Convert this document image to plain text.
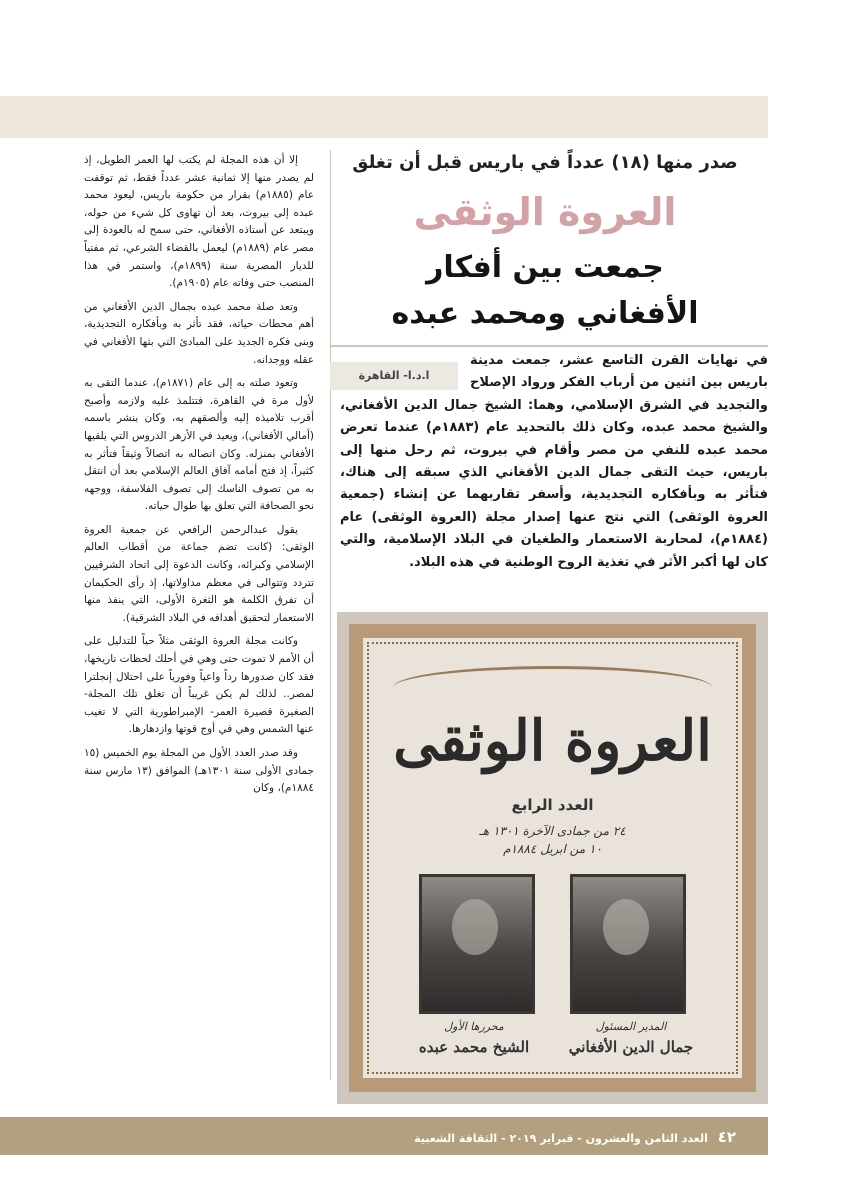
صدر منها (١٨) عدداً في باريس قبل أن تغلق
العروة الوثقى
جمعت بين أفكار
الأفغاني ومحمد عبده
ا.د.ا- القاهرة

في نهايات القرن التاسع عشر، جمعت مدينة باريس بين اثنين من أرباب الفكر ورواد الإصلاح والتجديد في الشرق الإسلامي، وهما: الشيخ جمال الدين الأفغاني، والشيخ محمد عبده، وكان ذلك بالتحديد عام (١٨٨٣م) عندما تعرض محمد عبده للنفي من مصر وأقام في بيروت، ثم رحل منها إلى باريس، حيث التقى جمال الدين الأفغاني الذي سبقه إلى هناك، فتأثر به وبأفكاره التجديدية، وأسفر تقاربهما عن إنشاء (جمعية العروة الوثقى) التي نتج عنها إصدار مجلة (العروة الوثقى) عام (١٨٨٤م)، لمحاربة الاستعمار والطغيان في البلاد الإسلامية، والتي كان لها أكبر الأثر في تغذية الروح الوطنية في هذه البلاد.

العروة الوثقى
العدد الرابع
٢٤ من جمادى الآخرة ١٣٠١ هـ
١٠ من ابريل ١٨٨٤م
محررها الأول
الشيخ محمد عبده
المدير المسئول
جمال الدين الأفغاني

إلا أن هذه المجلة لم يكتب لها العمر الطويل، إذ لم يصدر منها إلا ثمانية عشر عدداً فقط، ثم توقفت عام (١٨٨٥م) بقرار من حكومة باريس، ليعود محمد عبده إلى بيروت، بعد أن تهاوى كل شيء من حوله، ويبتعد عن أستاذه الأفغاني، حتى سمح له بالعودة إلى مصر عام (١٨٨٩م) ليعمل بالقضاء الشرعي، ثم مفتياً للديار المصرية سنة (١٨٩٩م)، واستمر في هذا المنصب حتى وفاته عام (١٩٠٥م).

وتعد صلة محمد عبده بجمال الدين الأفغاني من أهم محطات حياته، فقد تأثر به وبأفكاره التجديدية، وبنى فكره الجديد على المبادئ التي بثها الأفغاني في عقله ووجدانه.

وتعود صلته به إلى عام (١٨٧١م)، عندما التقى به لأول مرة في القاهرة، فتتلمذ عليه ولازمه وأصبح أقرب تلاميذه إليه وألصقهم به، وكان ينشر باسمه (أمالي الأفغاني)، ويعيد في الأزهر الدروس التي يلقيها الأفغاني بمنزله. وكان اتصاله به اتصالاً وثيقاً فتأثر به كثيراً، إذ فتح أمامه آفاق العالم الإسلامي بعد أن انتقل به من تصوف الناسك إلى تصوف الفلاسفة، ووجهه نحو الصحافة التي تعلق بها طوال حياته.

يقول عبدالرحمن الرافعي عن جمعية العروة الوثقى: (كانت تضم جماعة من أقطاب العالم الإسلامي وكبرائه، وكانت الدعوة إلى اتحاد الشرقيين تتردد وتتوالى في معظم مداولاتها، إذ رأى الحكيمان أن تفرق الكلمة هو الثغرة الأولى، التي ينفذ منها الاستعمار لتحقيق أهدافه في البلاد الشرقية).

وكانت مجلة العروة الوثقى مثلاً حياً للتدليل على أن الأمم لا تموت حتى وهي في أحلك لحظات تاريخها، فقد كان صدورها رداً واعياً وفورياً على احتلال إنجلترا لمصر.. لذلك لم يكن غريباً أن تغلق تلك المجلة- الصغيرة قصيرة العمر- الإمبراطورية التي لا تغيب عنها الشمس وهي في أوج قوتها وازدهارها.

وقد صدر العدد الأول من المجلة يوم الخميس (١٥ جمادى الأولى سنة ١٣٠١هـ) الموافق (١٣ مارس سنة ١٨٨٤م)، وكان

٤٢ العدد الثامن والعشرون - فبراير ٢٠١٩ - الثقافة الشعبية
